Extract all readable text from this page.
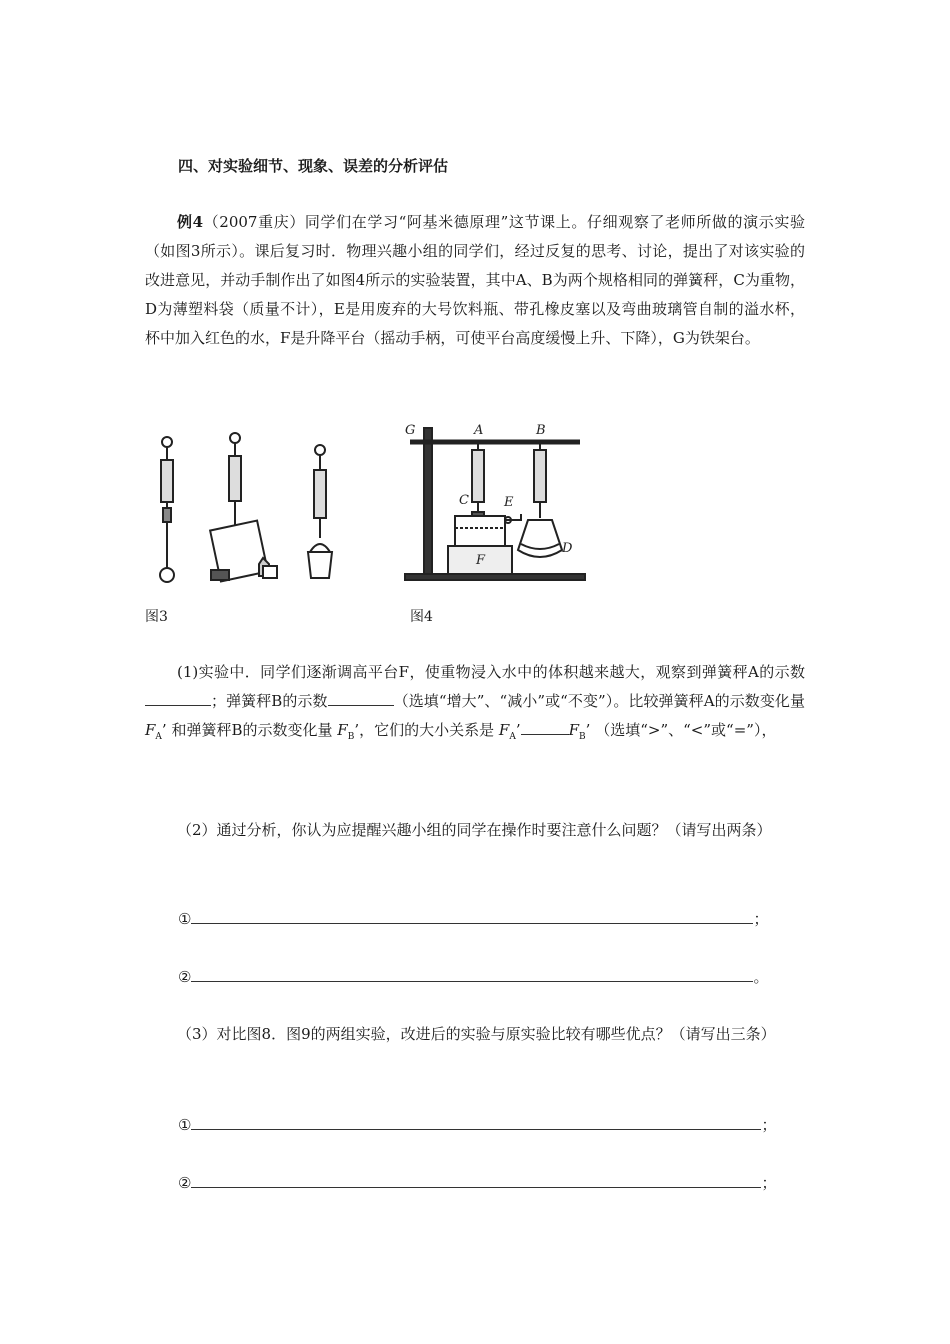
四、对实验细节、现象、误差的分析评估
例4（2007重庆）同学们在学习“阿基米德原理”这节课上。仔细观察了老师所做的演示实验（如图3所示）。课后复习时．物理兴趣小组的同学们，经过反复的思考、讨论，提出了对该实验的改进意见，并动手制作出了如图4所示的实验装置，其中A、B为两个规格相同的弹簧秤，C为重物，D为薄塑料袋（质量不计），E是用废弃的大号饮料瓶、带孔橡皮塞以及弯曲玻璃管自制的溢水杯，杯中加入红色的水，F是升降平台（摇动手柄，可使平台高度缓慢上升、下降），G为铁架台。
图3
G	A	B
C	E
F
D
图4
(1)实验中．同学们逐渐调高平台F，使重物浸入水中的体积越来越大，观察到弹簧秤A的示数；弹簧秤B的示数	（选填“增大”、“减小”或“不变”）。比较弹簧秤A的示数变化量 $F_A$’ 和弹簧秤B的示数变化量 $F_B$’，它们的大小关系是 $F_A$’	$F_B$’ （选填“>”、“<”或“=”），
（2）通过分析，你认为应提醒兴趣小组的同学在操作时要注意什么问题？（请写出两条）
①	；
②	。
（3）对比图8．图9的两组实验，改进后的实验与原实验比较有哪些优点？（请写出三条）
①	；
②	；
